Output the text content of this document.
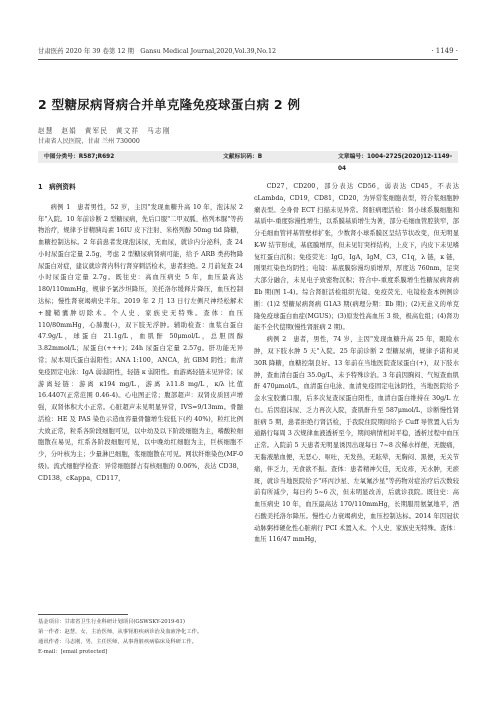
甘肃医药 2020 年 39 卷第 12 期　Gansu Medical Journal,2020,Vol.39,No.12	· 1149 ·
2 型糖尿病肾病合并单克隆免疫球蛋白病 2 例
赵慧　赵娟　黄军民　黄文祥　马志刚
甘肃省人民医院，甘肃 兰州 730000
中图分类号：R587;R692	文献标识码：B	文章编号：1004-2725(2020)12-1149-04

1　病例资料

病例 1　患者男性，52 岁，主因"发现血糖升高 10 年，泡沫尿 2 年"入院。10 年前诊断 2 型糖尿病，先后口服"二甲双胍、格列本脲"等药物治疗，规律予甘精胰岛素 16IU 皮下注射、米格列醇 50mg tid 降糖，血糖控制达标。2 年前患者发现泡沫尿，无血尿，就诊内分泌科，查 24 小时尿蛋白定量 2.5g，考虑 2 型糖尿病肾病可能，给予 ARB 类药物降尿蛋白对症，建议就诊肾内科行肾穿刺活检术，患者拒绝。2 月前复查 24 小时尿蛋白定量 2.7g。既往史：高血压病史 5 年，血压最高达 180/110mmHg，规律予氯沙坦降压，美托洛尔缓释片降压，血压控制达标；慢性肾衰竭病史半年。2019 年 2 月 13 日行左侧尺神经松解术+腱鞘囊肿切除术。个人史、家族史无特殊。查体：血压 110/80mmHg，心肺腹(-)，双下肢无浮肿。辅助检查：血浆白蛋白 47.9g/L，球蛋白 21.1g/L，血肌酐 50μmol/L，总胆固醇 3.82mmol/L；尿蛋白(+++)；24h 尿蛋白定量 2.57g。肝功能无异常；尿本周氏蛋白弱阳性；ANA 1:100，ANCA，抗 GBM 阴性；血清免疫固定电泳：IgA 弱弱阳性，轻链 κ 弱阳性。血游离轻链未见异常；尿游离轻链：游离 κ194 mg/L，游离 λ11.8 mg/L，κ/λ 比值 16.4407(正常范围 0.46-4)。心电图正常；腹部超声：双肾皮质回声增强，双肾体积大小正常。心脏超声未见明显异常，IVS=9/13mm。骨髓活检：HE 及 PAS 染色示造血容量骨髓增生较低下(约 40%)，粒红比例大致正常，粒系各阶段细胞可见，以中幼及以下阶段细胞为主，嗜酸粒细胞散在易见，红系各阶段细胞可见，以中晚幼红细胞为主，巨核细胞不少，分叶核为主；少量淋巴细胞，浆细胞散在可见。网状纤维染色(MF-0 级)。流式细胞学检查：异常细胞群占有核细胞的 0.06%，表达 CD38，CD138，cKappa，CD117，

CD27，CD200，部分表达 CD56，弱表达 CD45，不表达 cLambda，CD19，CD81，CD20，为异常浆细胞表型，符合浆细胞肿瘤表型。全身骨 ECT 扫描未见异常。肾脏病理活检：肾小球系膜细胞和基质中-重度弥漫性增生，以系膜基质增生为著，部分毛细血管腔狭窄，部分毛细血管袢基管壁样扩张，少数肾小球系膜区呈结节状改变，但无明显 K-W 结节形成，基底膜增厚，但未见钉突样结构，上皮下，内皮下未见嗜复红蛋白沉积；免疫荧光：IgG，IgA，IgM，C3，C1q，λ 链，κ 链，刚果红染色均阴性；电镜：基底膜弥漫均质增厚，厚度达 760nm，足突大部分融合，未见电子致密物沉积；符合中-重度系膜增生性糖尿病肾病Ⅱb 期(图 1-4)。综合肾脏活检组织光镜、免疫荧光、电镜检查本例例诊断：(1)2 型糖尿病肾病 G1A3 期(病理分期：Ⅱb 期)；(2)无意义的单克隆免疫球蛋白血症(MGUS)；(3)原发性高血压 3 级，极高危组；(4)肾功能不全代偿期(慢性肾脏病 2 期)。

病例 2　患者，男性，74 岁，主因"发现血糖升高 25 年，眼睑水肿，双下肢水肿 5 天"入院。25 年前诊断 2 型糖尿病，规律予诺和灵 30R 降糖，血糖控制良好。13 年前在当地医院查尿蛋白(+)，双下肢水肿，查血清白蛋白 35.0g/L，未予特殊诊治。3 年前因胸闷、气短查血肌酐 470μmol/L，血清蛋白电泳、血清免疫固定电泳阴性，当地医院给予金水宝胶囊口服，后多次复查尿蛋白阳性，血清白蛋白维持在 30g/L 左右。后因泡沫尿、乏力再次入院，查肌酐升至 587μmol/L，诊断慢性肾脏病 5 期，患者拒绝行肾活检，于我院住院期间给予 Cuff 导管置入后为通路行每周 3 次规律血液透析至今，期间病情相对平稳，透析过程中血压正常。入院前 5 天患者无明显诱因出现每日 7~8 次稀水样便，无腹痛，无黏液脓血便，无恶心、呕吐，无发热，无眩晕，无胸闷、黑便，无关节痛，伴乏力，无食欲不振。查体：患者精神欠佳，无皮疹，无水肿，无瘀斑，就诊当地医院给予"环丙沙星、左氧氟沙星"等药物对症治疗后次数较前有所减少，每日约 5~6 次，但未明显改善，后就诊我院。既往史：高血压病史 10 年，血压最高达 170/110mmHg，长期服用氨氯地平，酒石酸美托洛尔降压。慢性心力衰竭病史，血压控制达标。2014 年因冠状动脉粥样硬化性心脏病行 PCI 术置入术。个人史、家族史无特殊。查体：血压 116/47 mmHg，

基金项目：甘肃省卫生行业科研计划项目(GSWSKY-2019-61)
第一作者：赵慧，女，主治医师，从事肾脏疾病诊治及血液净化工作。
通讯作者：马志刚，男，主任医师，从事肾脏疾病临床及科研工作。
E-mail：[email protected]
